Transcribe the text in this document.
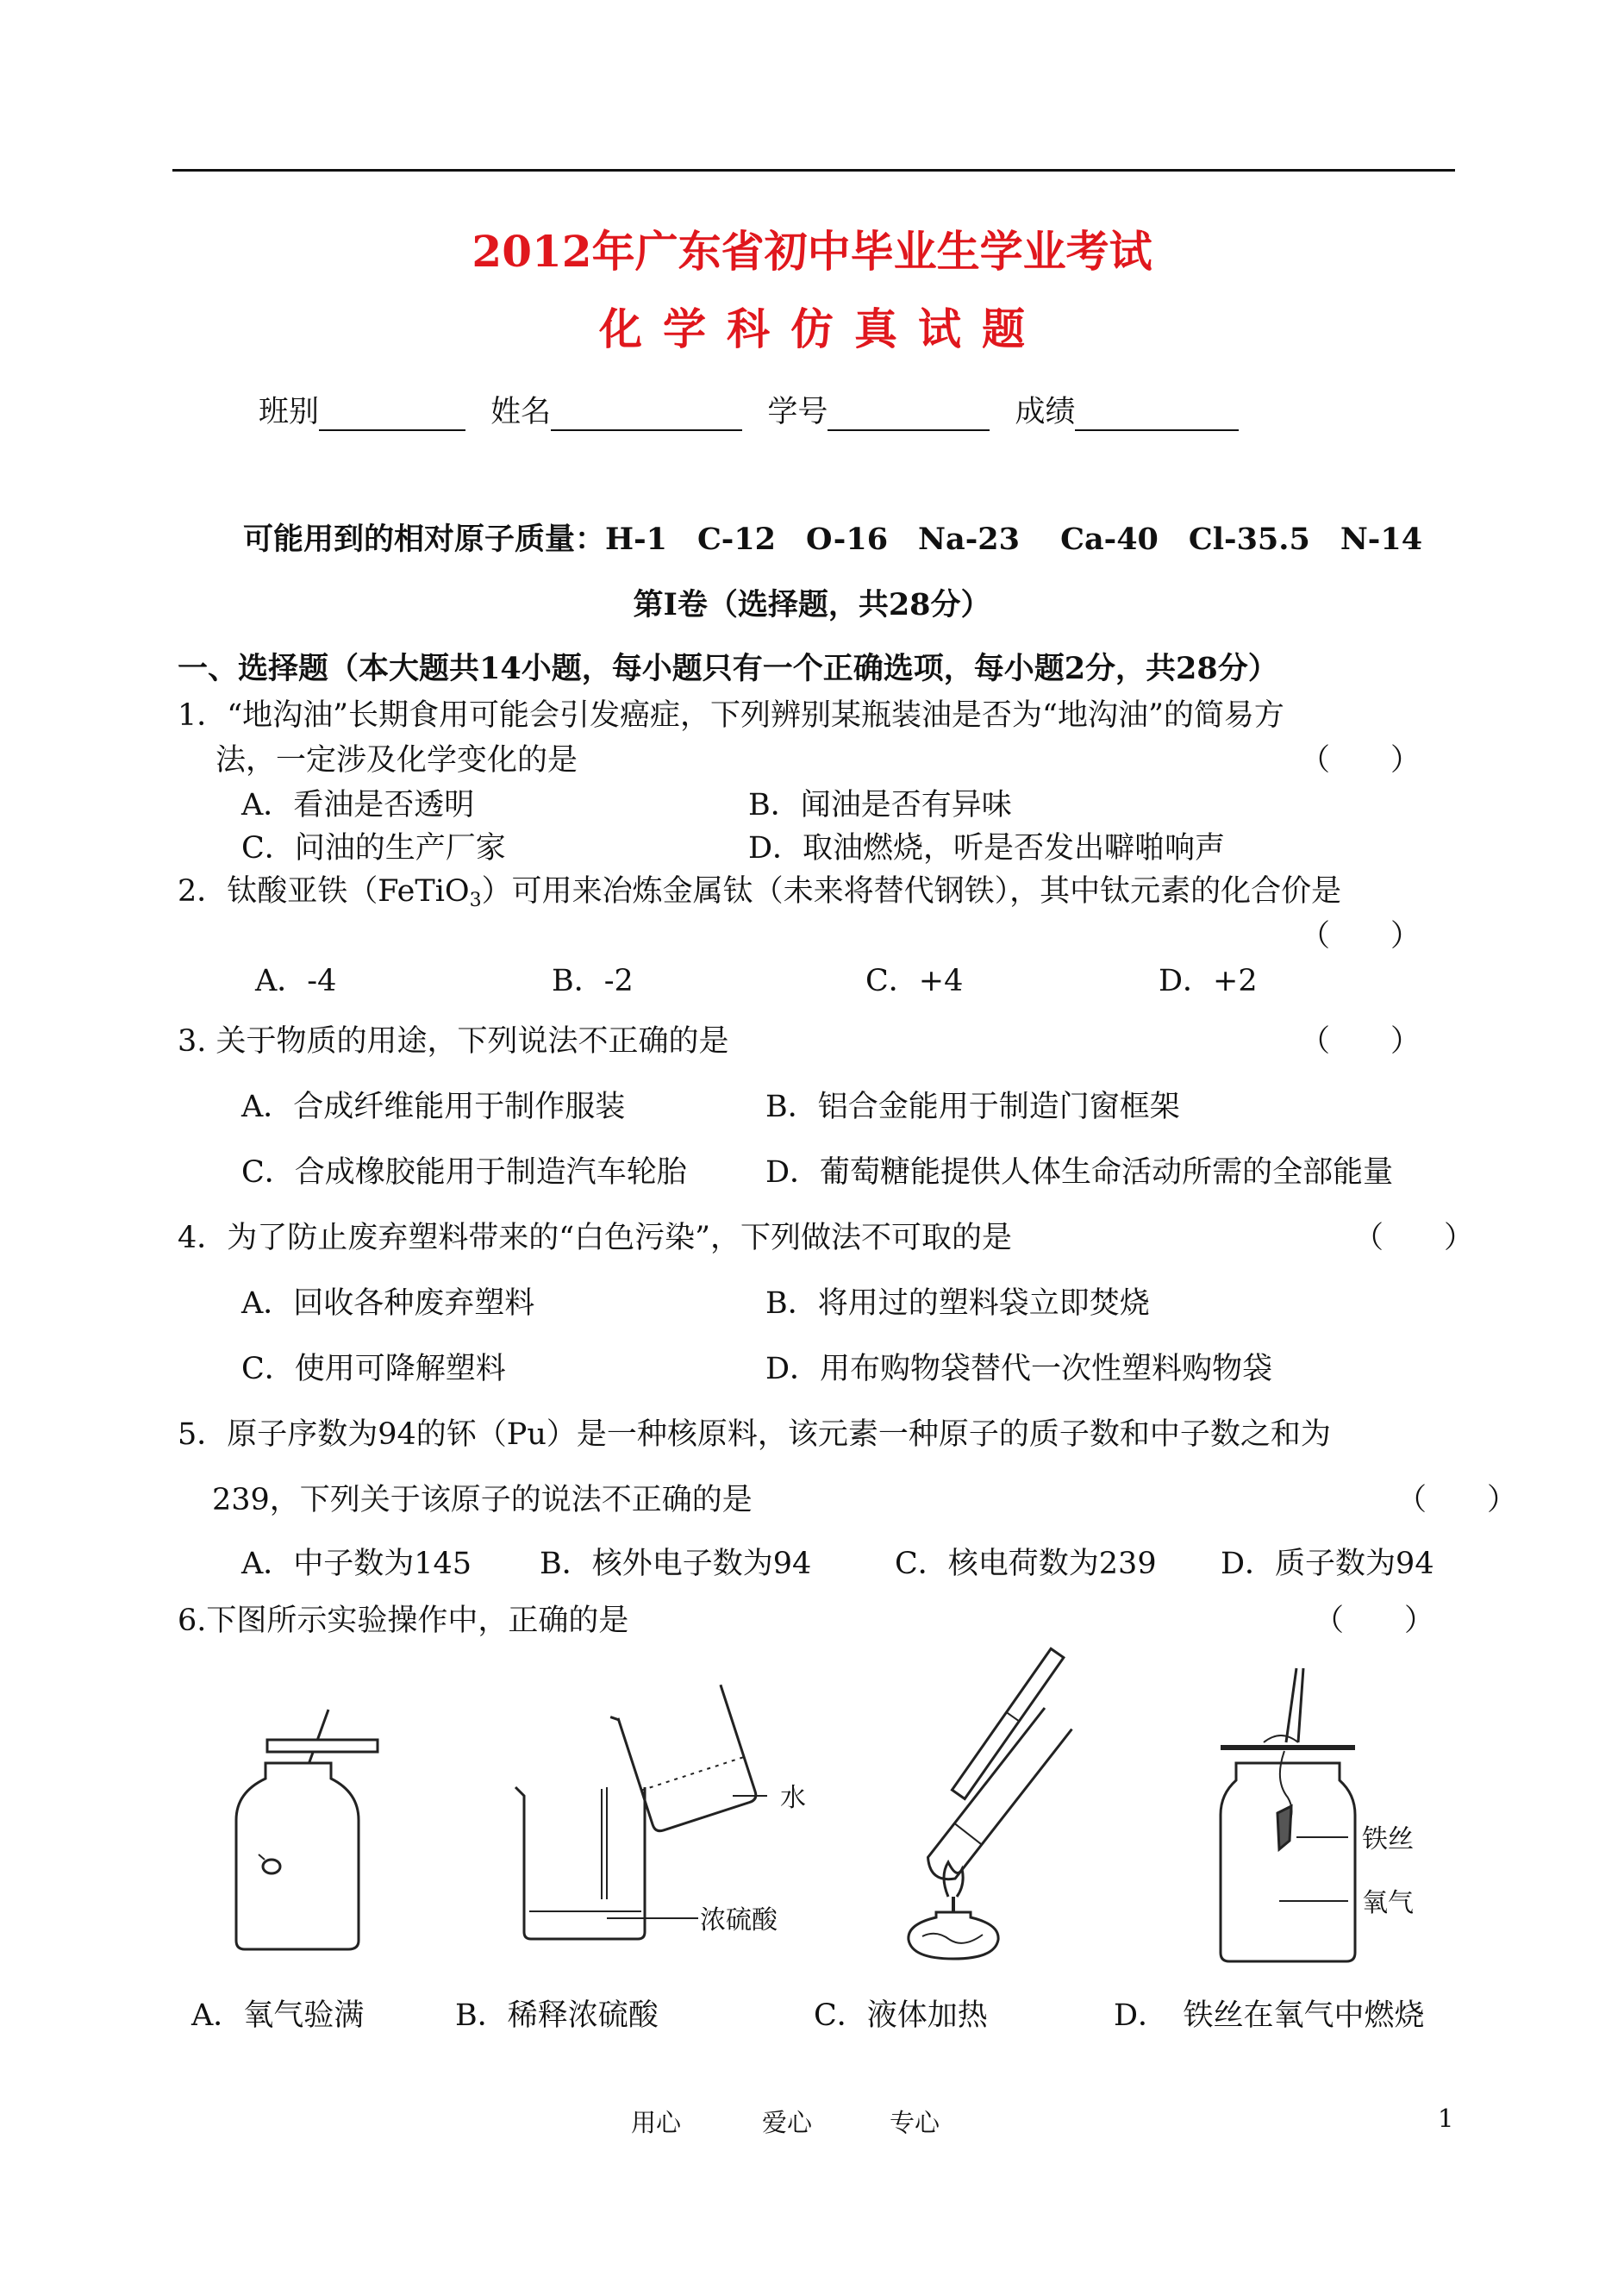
2012年广东省初中毕业生学业考试
化学科仿真试题
班别	姓名	学号	成绩
可能用到的相对原子质量：H-1　C-12　O-16　Na-23　 Ca-40　Cl-35.5　N-14
第Ⅰ卷（选择题，共28分）
一、选择题（本大题共14小题，每小题只有一个正确选项，每小题2分，共28分）
1．“地沟油”长期食用可能会引发癌症，下列辨别某瓶装油是否为“地沟油”的简易方
法，一定涉及化学变化的是	（　　）
A．看油是否透明	B．闻油是否有异味
C．问油的生产厂家	D．取油燃烧，听是否发出噼啪响声
2．钛酸亚铁（FeTiO$_3$）可用来冶炼金属钛（未来将替代钢铁），其中钛元素的化合价是
（　　）
A．-4	B．-2	C．+4	D．+2
3. 关于物质的用途，下列说法不正确的是	（　　）
A．合成纤维能用于制作服装	B．铝合金能用于制造门窗框架
C．合成橡胶能用于制造汽车轮胎	D．葡萄糖能提供人体生命活动所需的全部能量
4．为了防止废弃塑料带来的“白色污染”，下列做法不可取的是	（　　）
A．回收各种废弃塑料	B．将用过的塑料袋立即焚烧
C．使用可降解塑料	D．用布购物袋替代一次性塑料购物袋
5．原子序数为94的钚（Pu）是一种核原料，该元素一种原子的质子数和中子数之和为
239，下列关于该原子的说法不正确的是	（　　）
A．中子数为145 B．核外电子数为94	C．核电荷数为239 D．质子数为94
6.下图所示实验操作中，正确的是	（　　）
水
浓硫酸
铁丝
氧气
A．氧气验满	B．稀释浓硫酸	C．液体加热	D．　铁丝在氧气中燃烧
用心	爱心	专心	1
